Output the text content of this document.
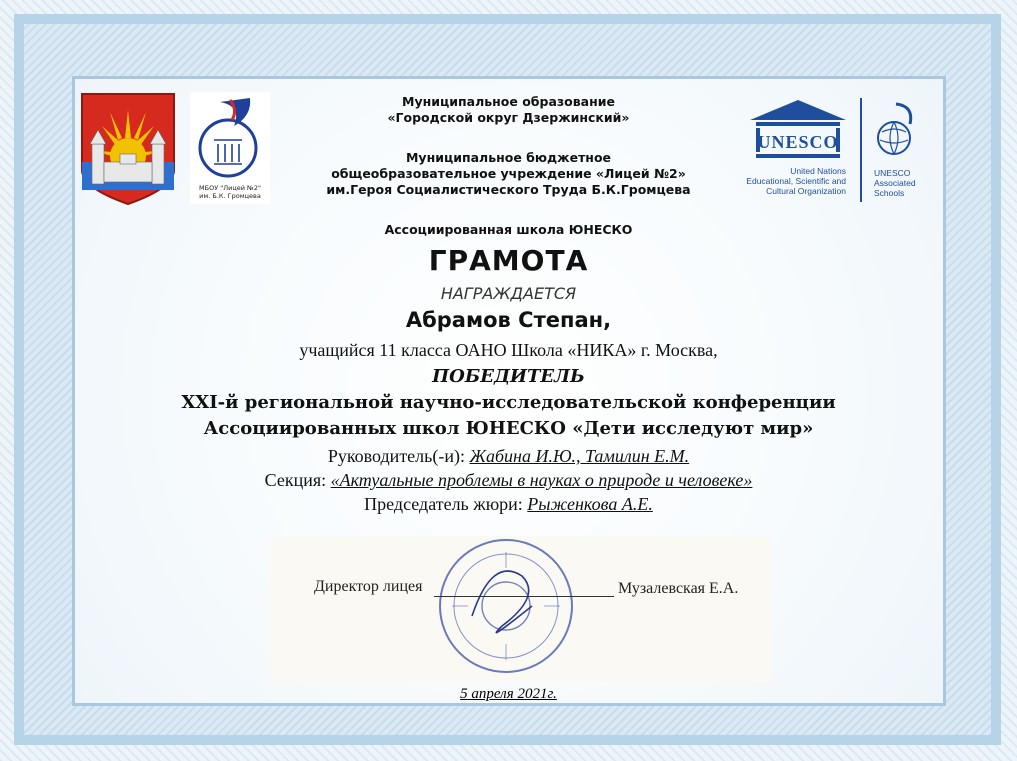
МБОУ "Лицей №2"
им. Б.К. Громцева
UNESCO
United Nations
Educational, Scientific and
Cultural Organization
UNESCO
Associated
Schools
Муниципальное образование
«Городской округ Дзержинский»
Муниципальное бюджетное
общеобразовательное учреждение «Лицей №2»
им.Героя Социалистического Труда Б.К.Громцева
Ассоциированная школа ЮНЕСКО
ГРАМОТА
НАГРАЖДАЕТСЯ
Абрамов Степан,
учащийся 11 класса ОАНО Школа «НИКА» г. Москва,
ПОБЕДИТЕЛЬ
XXI-й региональной научно-исследовательской конференции
Ассоциированных школ ЮНЕСКО «Дети исследуют мир»
Руководитель(-и): Жабина И.Ю., Тамилин Е.М.
Секция: «Актуальные проблемы в науках о природе и человеке»
Председатель жюри: Рыженкова А.Е.
Директор лицея	Музалевская Е.А.
5 апреля 2021г.
